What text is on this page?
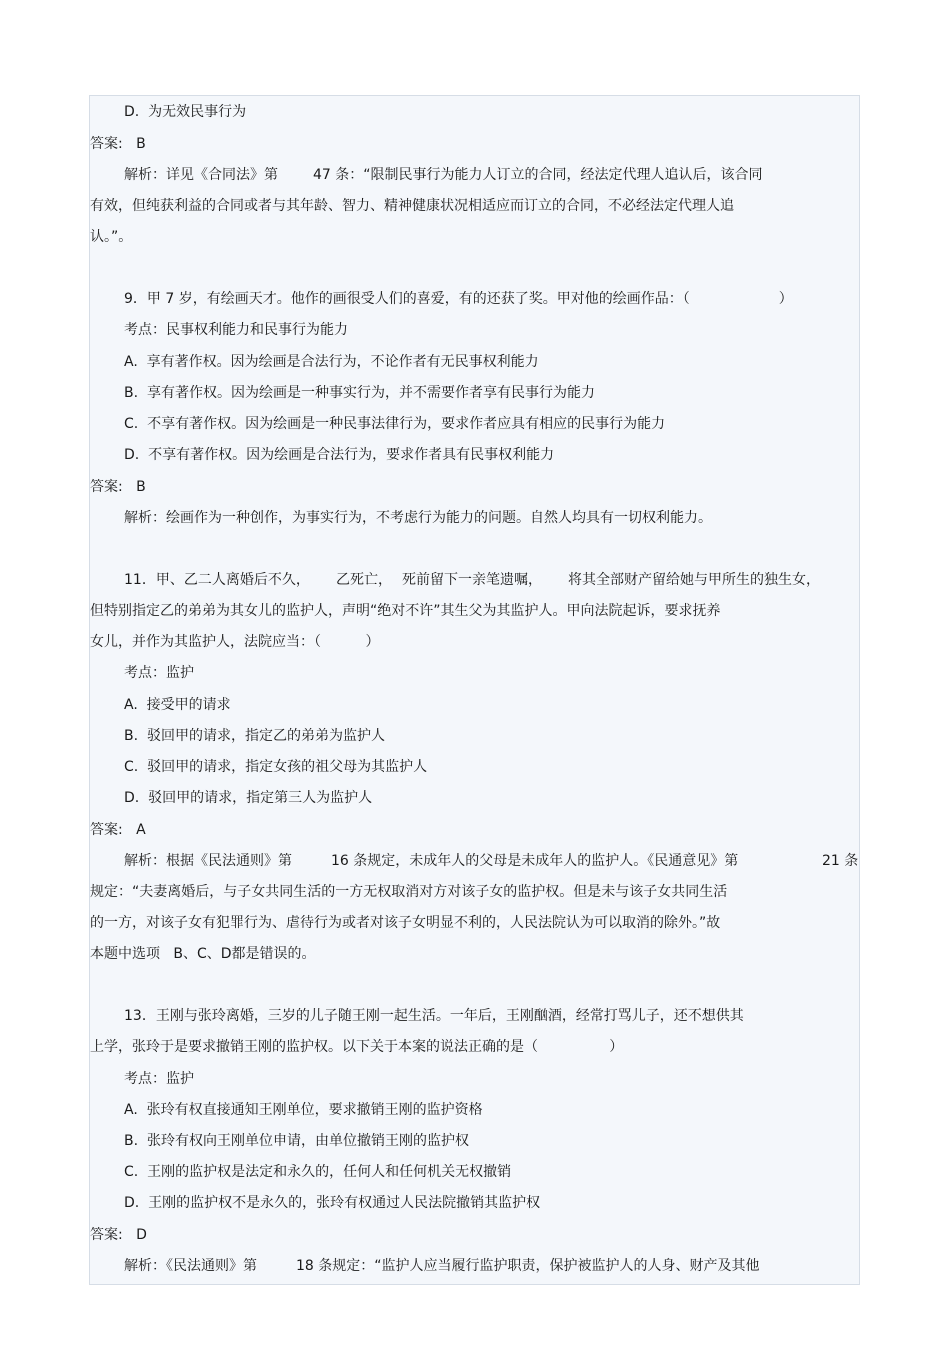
D.  为无效民事行为
答案:   B

解析：详见《合同法》第

	47 条：“限制民事行为能力人订立的合同，经法定代理人追认后，该合同

有效，但纯获利益的合同或者与其年龄、智力、精神健康状况相适应而订立的合同，不必经法定代理人追
认。”。
9．甲 7 岁，有绘画天才。他作的画很受人们的喜爱，有的还获了奖。甲对他的绘画作品：（                    ）
考点：民事权利能力和民事行为能力
A.  享有著作权。因为绘画是合法行为，不论作者有无民事权利能力
B.  享有著作权。因为绘画是一种事实行为，并不需要作者享有民事行为能力
C.  不享有著作权。因为绘画是一种民事法律行为，要求作者应具有相应的民事行为能力
D.  不享有著作权。因为绘画是合法行为，要求作者具有民事权利能力
答案:   B
解析：绘画作为一种创作，为事实行为，不考虑行为能力的问题。自然人均具有一切权利能力。

11．甲、乙二人离婚后不久，

乙死亡，

死前留下一亲笔遗嘱，

将其全部财产留给她与甲所生的独生女，

但特别指定乙的弟弟为其女儿的监护人，声明“绝对不许”其生父为其监护人。甲向法院起诉，要求抚养
女儿，并作为其监护人，法院应当：（          ）
考点：监护
A.  接受甲的请求
B.  驳回甲的请求，指定乙的弟弟为监护人
C.  驳回甲的请求，指定女孩的祖父母为其监护人
D.  驳回甲的请求，指定第三人为监护人
答案:   A

解析：根据《民法通则》第

	16 条规定，未成年人的父母是未成年人的监护人。《民通意见》第

	21 条

规定：“夫妻离婚后，与子女共同生活的一方无权取消对方对该子女的监护权。但是未与该子女共同生活
的一方，对该子女有犯罪行为、虐待行为或者对该子女明显不利的，人民法院认为可以取消的除外。”故
本题中选项   B、C、D都是错误的。
13．王刚与张玲离婚，三岁的儿子随王刚一起生活。一年后，王刚酗酒，经常打骂儿子，还不想供其
上学，张玲于是要求撤销王刚的监护权。以下关于本案的说法正确的是（                ）
考点：监护
A.  张玲有权直接通知王刚单位，要求撤销王刚的监护资格
B.  张玲有权向王刚单位申请，由单位撤销王刚的监护权
C.  王刚的监护权是法定和永久的，任何人和任何机关无权撤销
D.  王刚的监护权不是永久的，张玲有权通过人民法院撤销其监护权
答案:   D

解析：《民法通则》第

	18 条规定：“监护人应当履行监护职责，保护被监护人的人身、财产及其他
